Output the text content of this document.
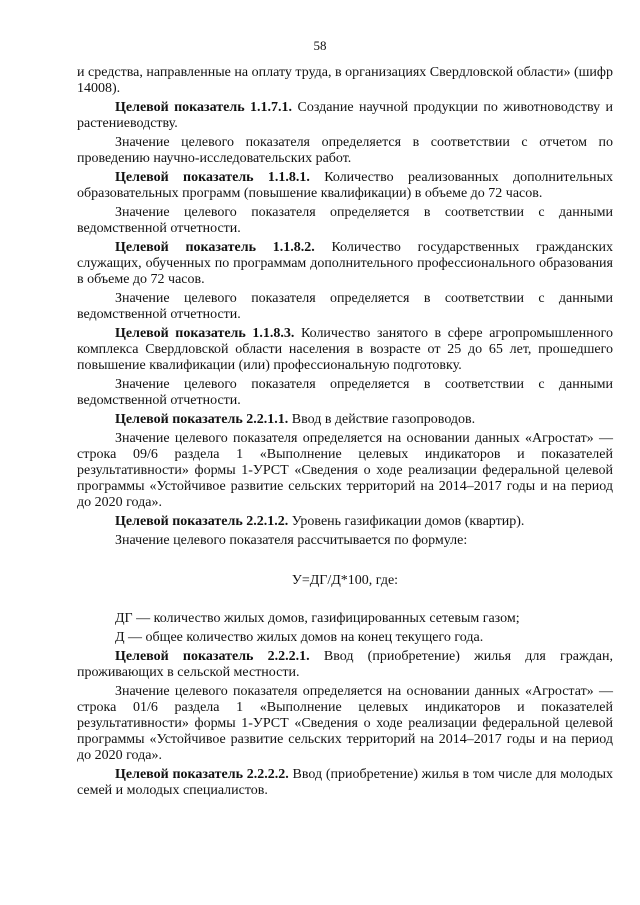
58

и средства, направленные на оплату труда, в организациях Свердловской области» (шифр 14008).

Целевой показатель 1.1.7.1. Создание научной продукции по животноводству и растениеводству.

Значение целевого показателя определяется в соответствии с отчетом по проведению научно-исследовательских работ.

Целевой показатель 1.1.8.1. Количество реализованных дополнительных образовательных программ (повышение квалификации) в объеме до 72 часов.

Значение целевого показателя определяется в соответствии с данными ведомственной отчетности.

Целевой показатель 1.1.8.2. Количество государственных гражданских служащих, обученных по программам дополнительного профессионального образования в объеме до 72 часов.

Значение целевого показателя определяется в соответствии с данными ведомственной отчетности.

Целевой показатель 1.1.8.3. Количество занятого в сфере агропромышленного комплекса Свердловской области населения в возрасте от 25 до 65 лет, прошедшего повышение квалификации (или) профессиональную подготовку.

Значение целевого показателя определяется в соответствии с данными ведомственной отчетности.

Целевой показатель 2.2.1.1. Ввод в действие газопроводов.

Значение целевого показателя определяется на основании данных «Агростат» — строка 09/6 раздела 1 «Выполнение целевых индикаторов и показателей результативности» формы 1-УРСТ «Сведения о ходе реализации федеральной целевой программы «Устойчивое развитие сельских территорий на 2014–2017 годы и на период до 2020 года».

Целевой показатель 2.2.1.2. Уровень газификации домов (квартир).

Значение целевого показателя рассчитывается по формуле:

У=ДГ/Д*100, где:

ДГ — количество жилых домов, газифицированных сетевым газом;

Д — общее количество жилых домов на конец текущего года.

Целевой показатель 2.2.2.1. Ввод (приобретение) жилья для граждан, проживающих в сельской местности.

Значение целевого показателя определяется на основании данных «Агростат» — строка 01/6 раздела 1 «Выполнение целевых индикаторов и показателей результативности» формы 1-УРСТ «Сведения о ходе реализации федеральной целевой программы «Устойчивое развитие сельских территорий на 2014–2017 годы и на период до 2020 года».

Целевой показатель 2.2.2.2. Ввод (приобретение) жилья в том числе для молодых семей и молодых специалистов.
